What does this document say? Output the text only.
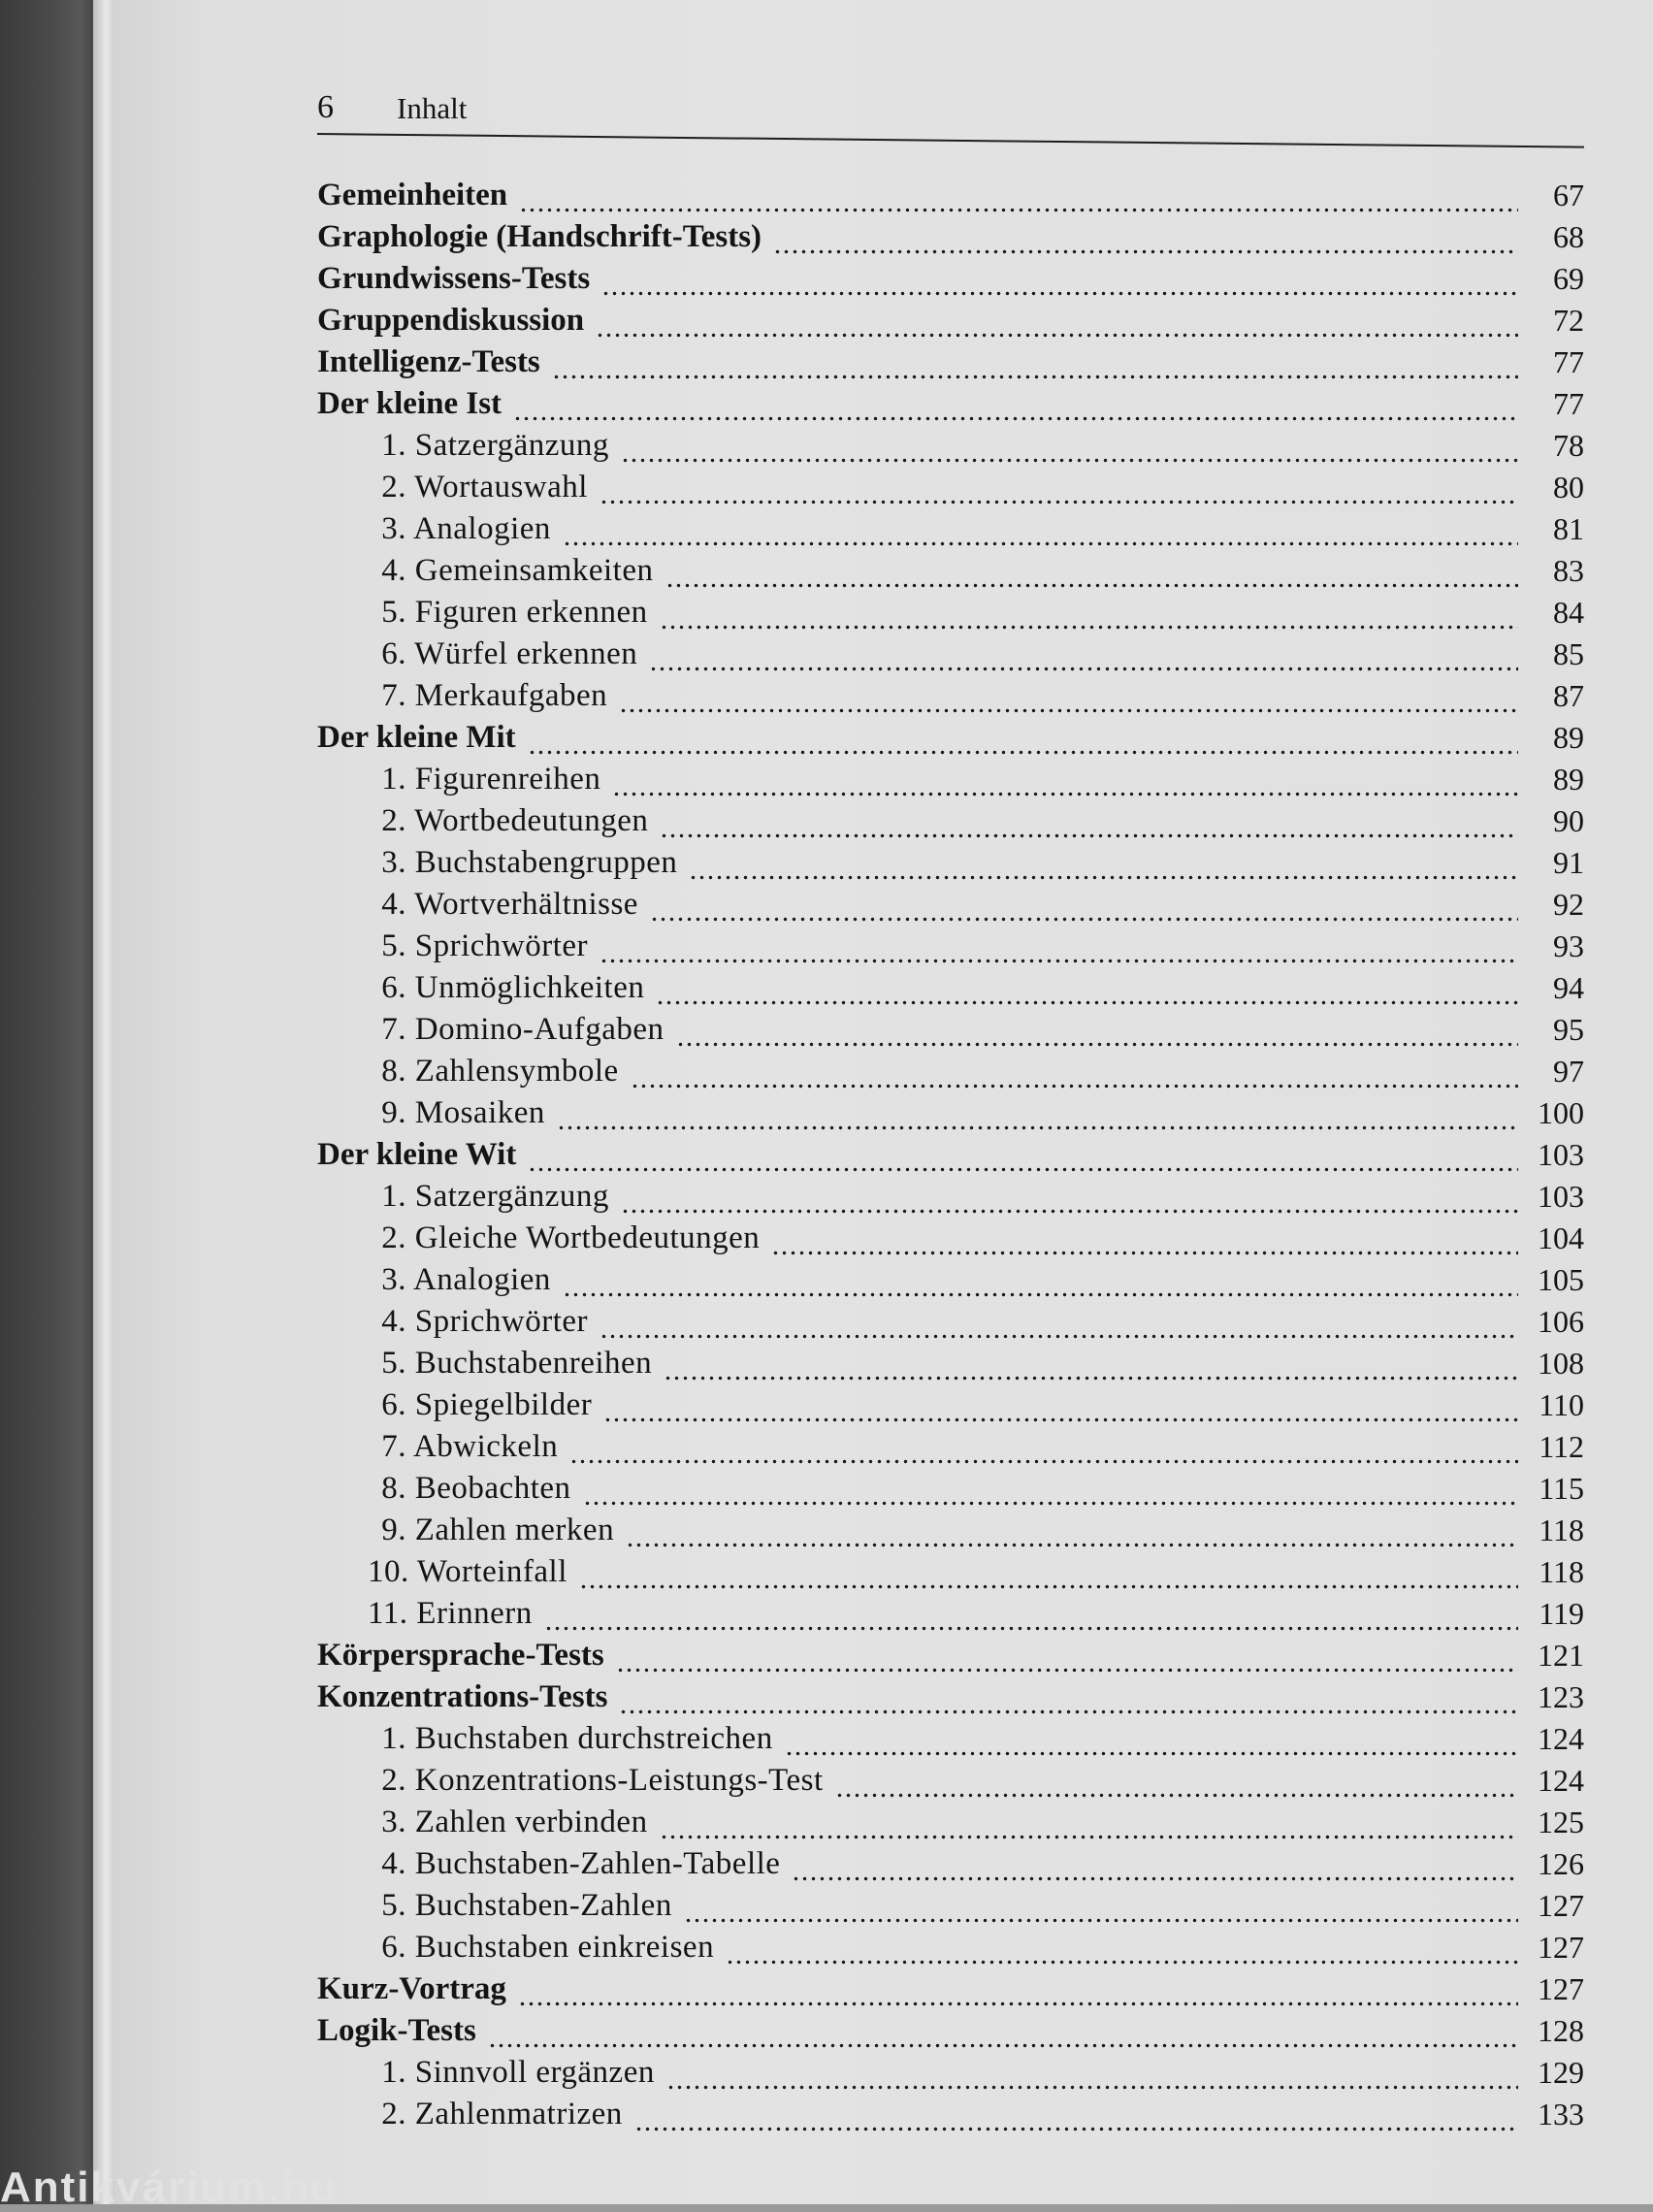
6 Inhalt
Gemeinheiten	67
Graphologie (Handschrift-Tests)	68
Grundwissens-Tests	69
Gruppendiskussion	72
Intelligenz-Tests	77
Der kleine Ist	77
1. Satzergänzung	78
2. Wortauswahl	80
3. Analogien	81
4. Gemeinsamkeiten	83
5. Figuren erkennen	84
6. Würfel erkennen	85
7. Merkaufgaben	87
Der kleine Mit	89
1. Figurenreihen	89
2. Wortbedeutungen	90
3. Buchstabengruppen	91
4. Wortverhältnisse	92
5. Sprichwörter	93
6. Unmöglichkeiten	94
7. Domino-Aufgaben	95
8. Zahlensymbole	97
9. Mosaiken	100
Der kleine Wit	103
1. Satzergänzung	103
2. Gleiche Wortbedeutungen	104
3. Analogien	105
4. Sprichwörter	106
5. Buchstabenreihen	108
6. Spiegelbilder	110
7. Abwickeln	112
8. Beobachten	115
9. Zahlen merken	118
10. Worteinfall	118
11. Erinnern	119
Körpersprache-Tests	121
Konzentrations-Tests	123
1. Buchstaben durchstreichen	124
2. Konzentrations-Leistungs-Test	124
3. Zahlen verbinden	125
4. Buchstaben-Zahlen-Tabelle	126
5. Buchstaben-Zahlen	127
6. Buchstaben einkreisen	127
Kurz-Vortrag	127
Logik-Tests	128
1. Sinnvoll ergänzen	129
2. Zahlenmatrizen	133
Antikvárium.hu
